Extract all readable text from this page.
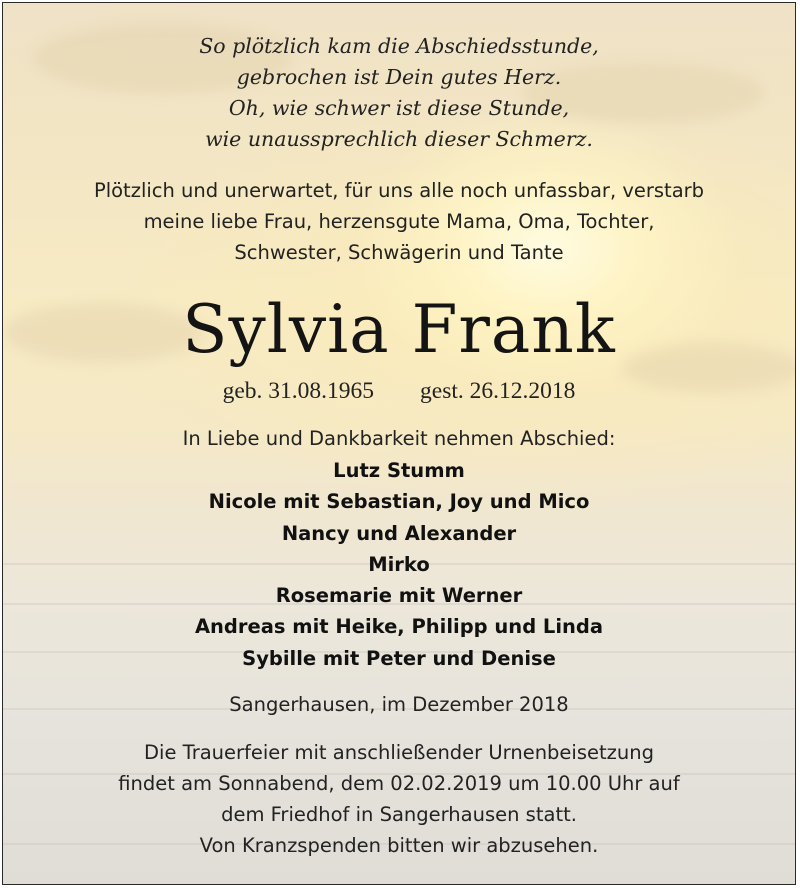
So plötzlich kam die Abschiedsstunde,
gebrochen ist Dein gutes Herz.
Oh, wie schwer ist diese Stunde,
wie unaussprechlich dieser Schmerz.
Plötzlich und unerwartet, für uns alle noch unfassbar, verstarb
meine liebe Frau, herzensgute Mama, Oma, Tochter,
Schwester, Schwägerin und Tante
Sylvia Frank
geb. 31.08.1965 gest. 26.12.2018
In Liebe und Dankbarkeit nehmen Abschied:
Lutz Stumm
Nicole mit Sebastian, Joy und Mico
Nancy und Alexander
Mirko
Rosemarie mit Werner
Andreas mit Heike, Philipp und Linda
Sybille mit Peter und Denise
Sangerhausen, im Dezember 2018
Die Trauerfeier mit anschließender Urnenbeisetzung
findet am Sonnabend, dem 02.02.2019 um 10.00 Uhr auf
dem Friedhof in Sangerhausen statt.
Von Kranzspenden bitten wir abzusehen.
